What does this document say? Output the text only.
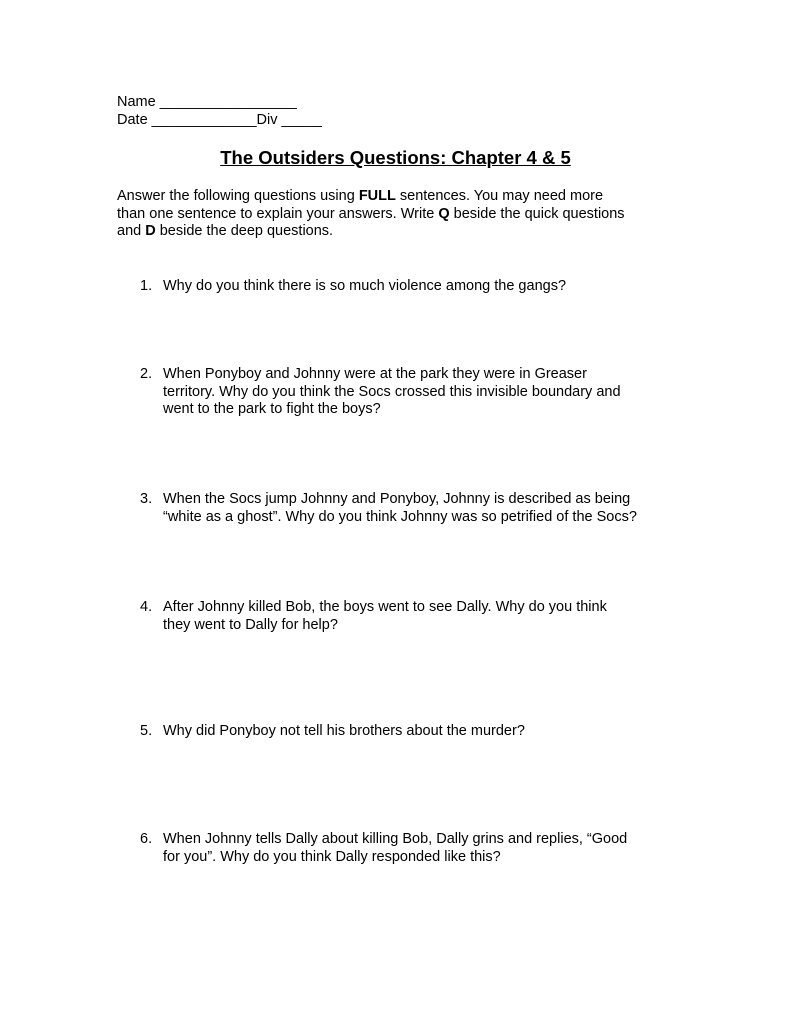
Name _________________
Date _____________Div _____
The Outsiders Questions: Chapter 4 & 5

Answer the following questions using FULL sentences. You may need more

than one sentence to explain your answers. Write Q beside the quick questions

and D beside the deep questions.

1. Why do you think there is so much violence among the gangs?

2. When Ponyboy and Johnny were at the park they were in Greaser

territory. Why do you think the Socs crossed this invisible boundary and

went to the park to fight the boys?

3. When the Socs jump Johnny and Ponyboy, Johnny is described as being

“white as a ghost”. Why do you think Johnny was so petrified of the Socs?

4. After Johnny killed Bob, the boys went to see Dally. Why do you think

they went to Dally for help?

5. Why did Ponyboy not tell his brothers about the murder?

6. When Johnny tells Dally about killing Bob, Dally grins and replies, “Good

for you”. Why do you think Dally responded like this?
